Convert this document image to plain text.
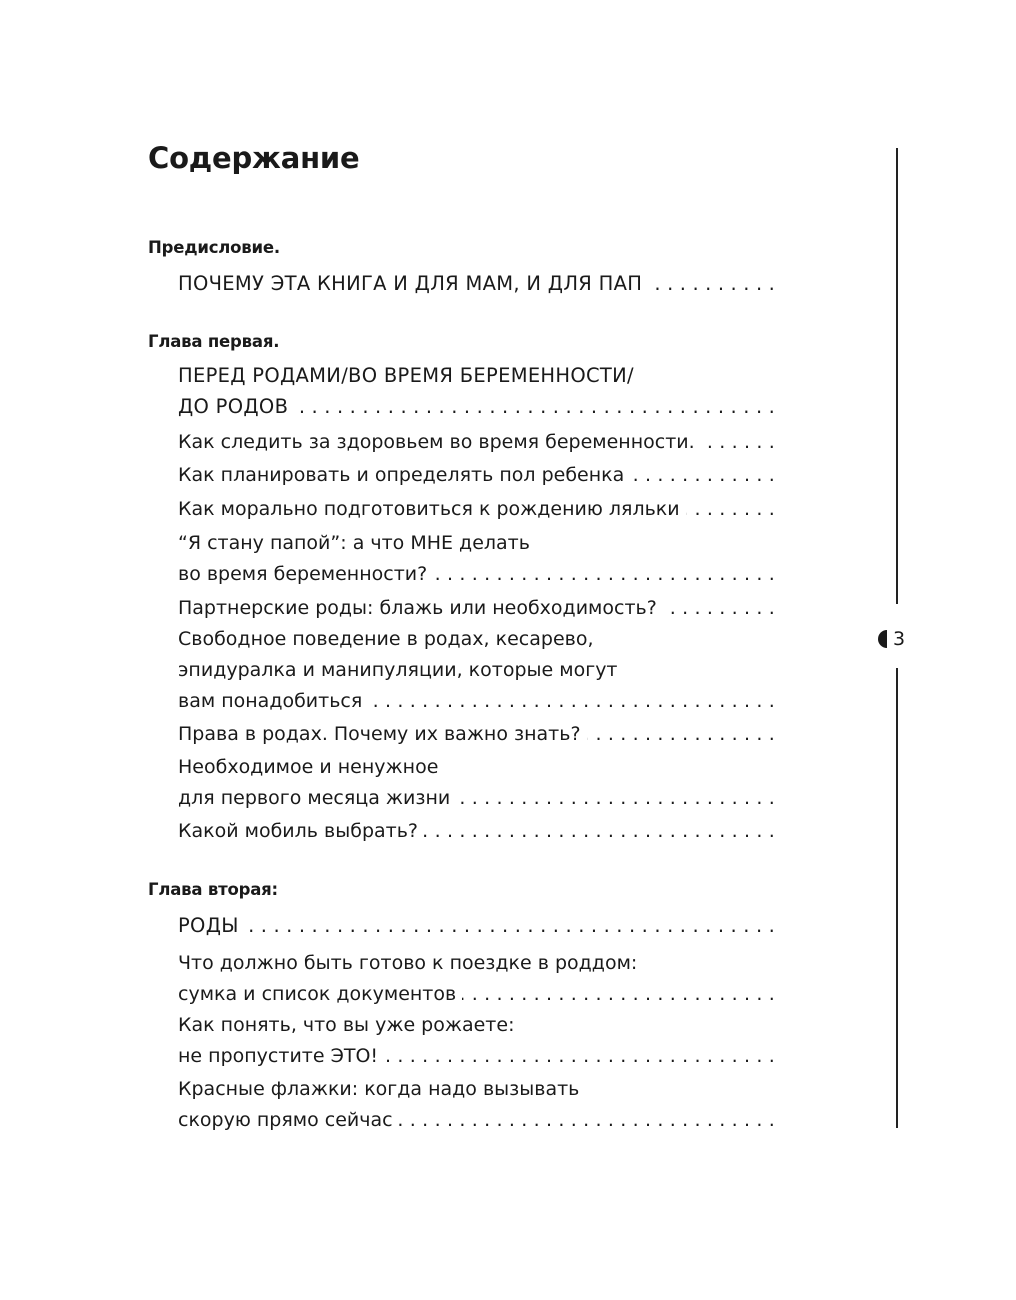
Содержание
Предисловие.
ПОЧЕМУ ЭТА КНИГА И ДЛЯ МАМ, И ДЛЯ ПАП . . .
Глава первая.
ПЕРЕД РОДАМИ/ВО ВРЕМЯ БЕРЕМЕННОСТИ/
ДО РОДОВ . . .
Как следить за здоровьем во время беременности. . . .
Как планировать и определять пол ребенка . . .
Как морально подготовиться к рождению ляльки . . .
“Я стану папой”: а что МНЕ делать
во время беременности? . . .
Партнерские роды: блажь или необходимость? . . .
Свободное поведение в родах, кесарево,
эпидуралка и манипуляции, которые могут
вам понадобиться . . .
Права в родах. Почему их важно знать? . . .
Необходимое и ненужное
для первого месяца жизни . . .
Какой мобиль выбрать? . . .
Глава вторая:
РОДЫ . . .
Что должно быть готово к поездке в роддом:
сумка и список документов . . .
Как понять, что вы уже рожаете:
не пропустите ЭТО! . . .
Красные флажки: когда надо вызывать
скорую прямо сейчас . . .
3
